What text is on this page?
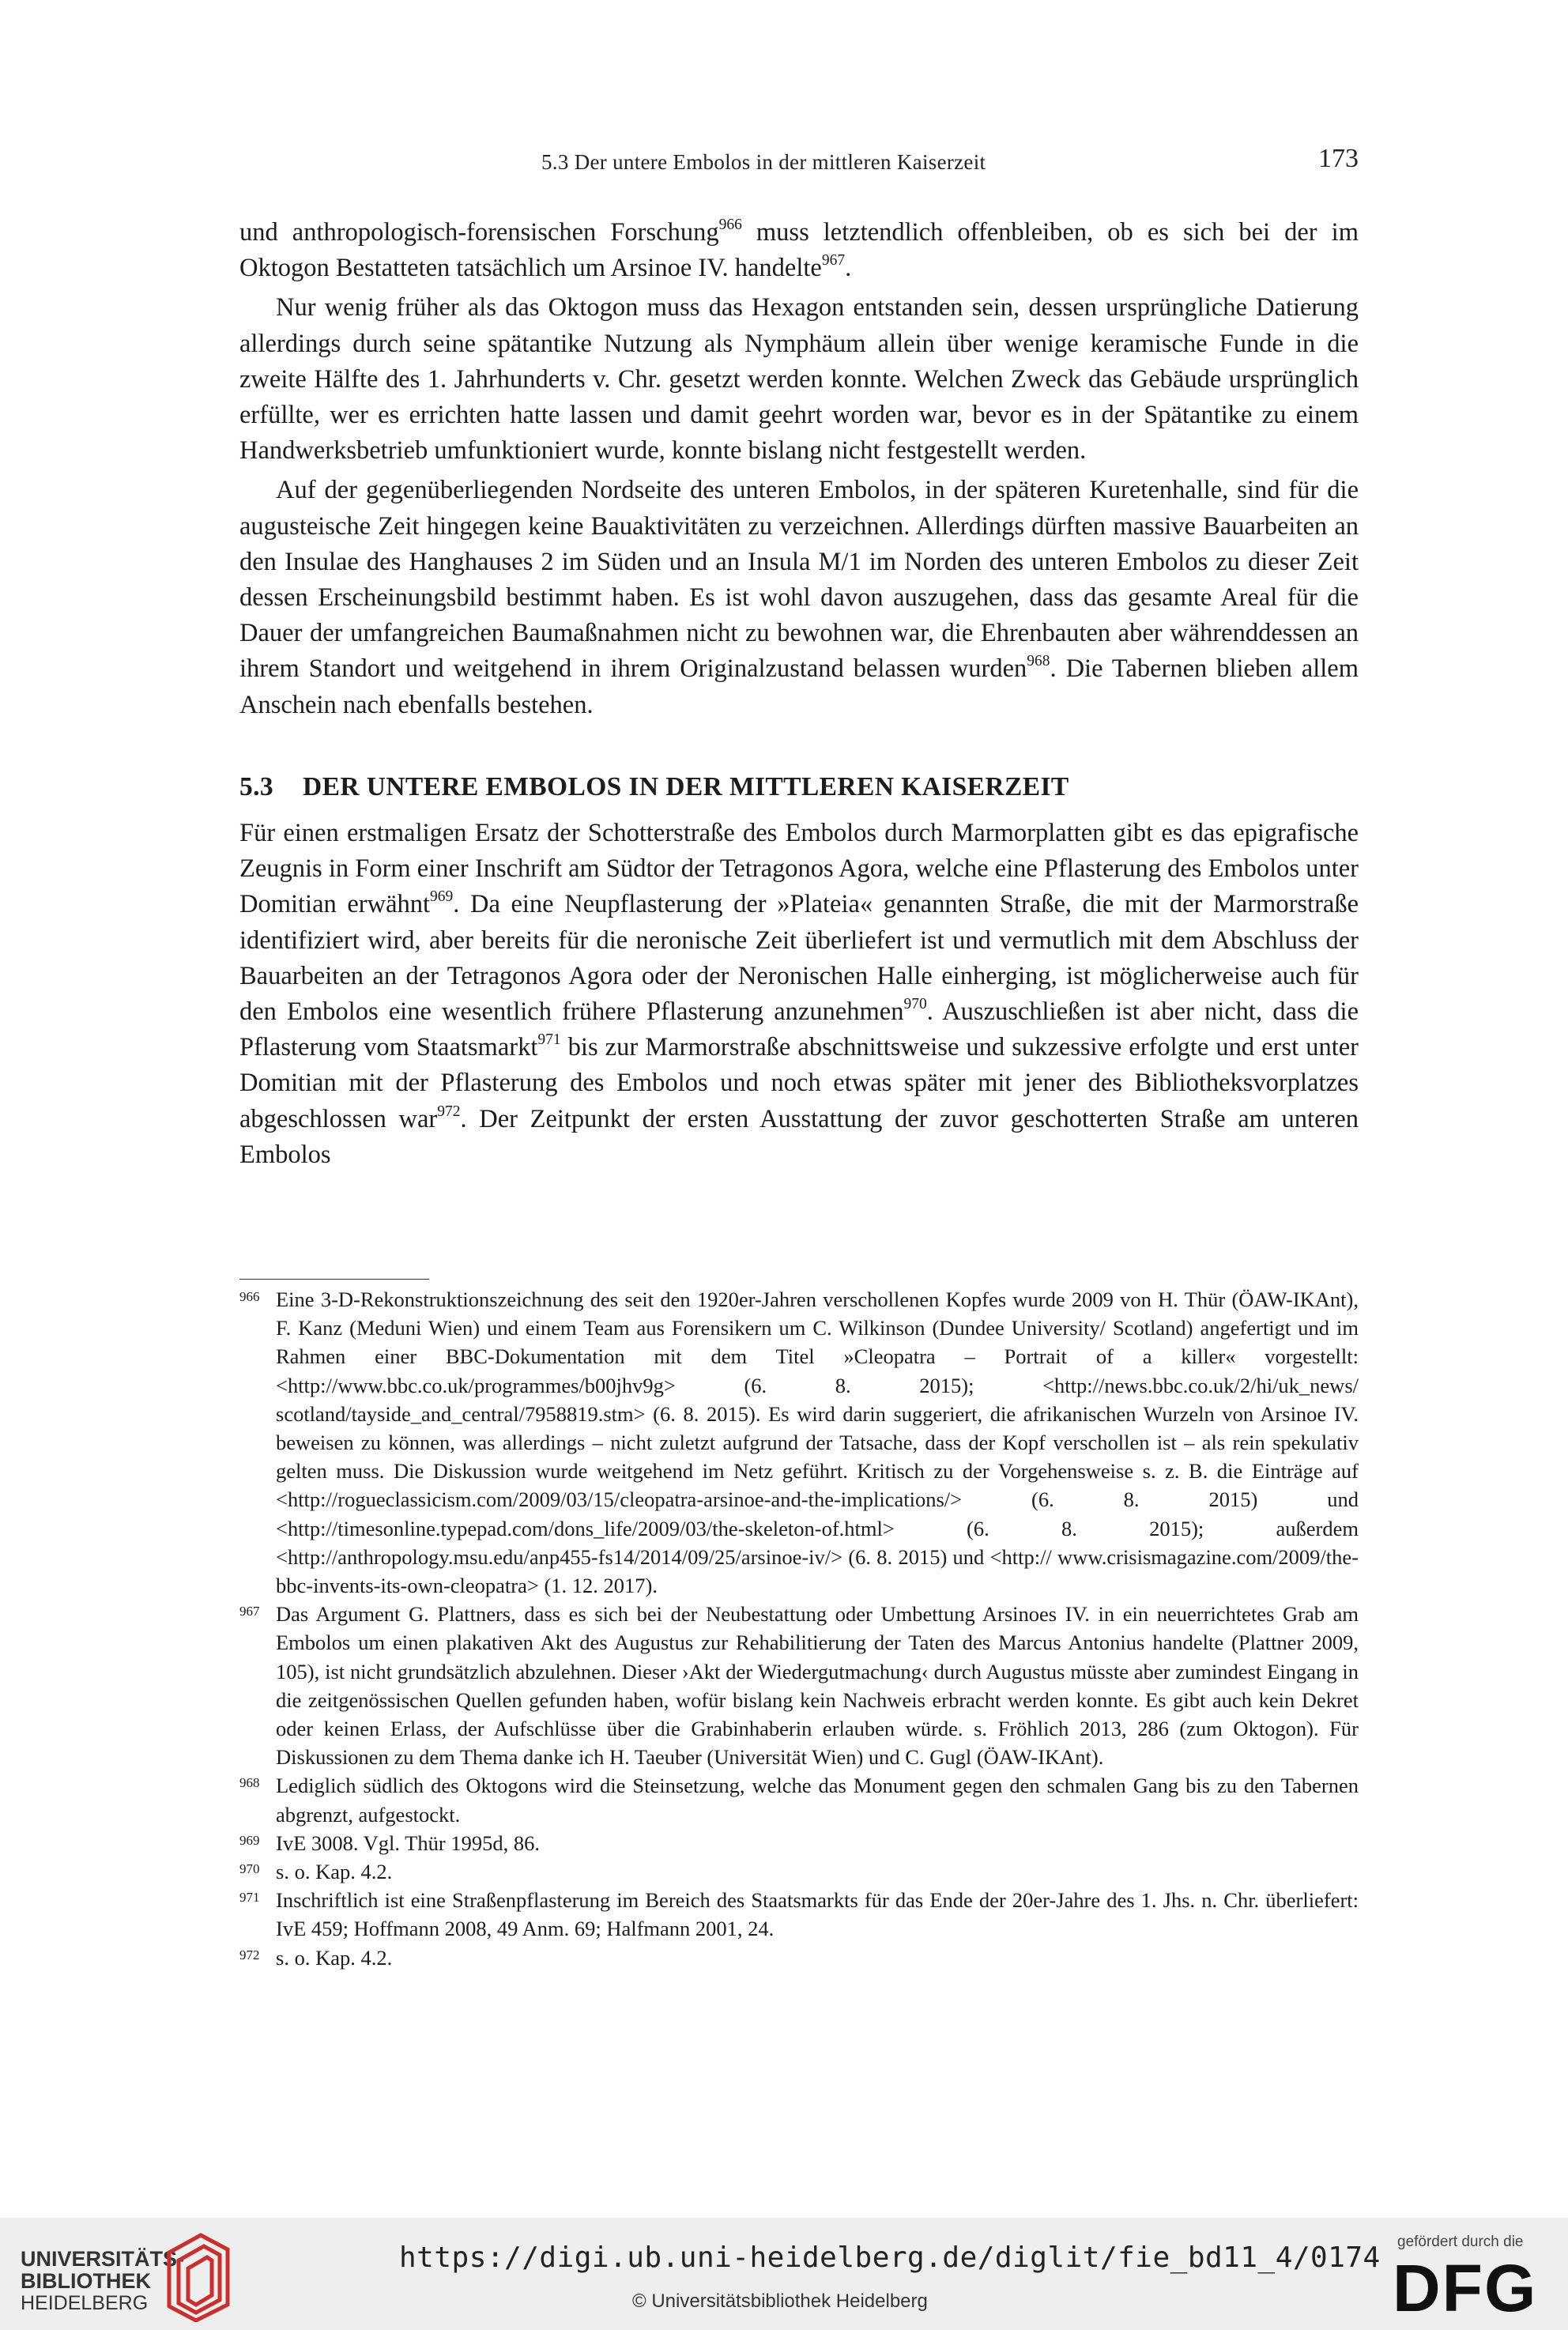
5.3 Der untere Embolos in der mittleren Kaiserzeit	173

und anthropologisch-forensischen Forschung$^{966}$ muss letztendlich offenbleiben, ob es sich bei der im Oktogon Bestatteten tatsächlich um Arsinoe IV. handelte$^{967}$.

Nur wenig früher als das Oktogon muss das Hexagon entstanden sein, dessen ursprüngliche Datierung allerdings durch seine spätantike Nutzung als Nymphäum allein über wenige keramische Funde in die zweite Hälfte des 1. Jahrhunderts v. Chr. gesetzt werden konnte. Welchen Zweck das Gebäude ursprünglich erfüllte, wer es errichten hatte lassen und damit geehrt worden war, bevor es in der Spätantike zu einem Handwerksbetrieb umfunktioniert wurde, konnte bislang nicht festgestellt werden.

Auf der gegenüberliegenden Nordseite des unteren Embolos, in der späteren Kuretenhalle, sind für die augusteische Zeit hingegen keine Bauaktivitäten zu verzeichnen. Allerdings dürften massive Bauarbeiten an den Insulae des Hanghauses 2 im Süden und an Insula M/1 im Norden des unteren Embolos zu dieser Zeit dessen Erscheinungsbild bestimmt haben. Es ist wohl davon auszugehen, dass das gesamte Areal für die Dauer der umfangreichen Baumaßnahmen nicht zu bewohnen war, die Ehrenbauten aber währenddessen an ihrem Standort und weitgehend in ihrem Originalzustand belassen wurden$^{968}$. Die Tabernen blieben allem Anschein nach ebenfalls bestehen.

5.3 DER UNTERE EMBOLOS IN DER MITTLEREN KAISERZEIT

Für einen erstmaligen Ersatz der Schotterstraße des Embolos durch Marmorplatten gibt es das epigrafische Zeugnis in Form einer Inschrift am Südtor der Tetragonos Agora, welche eine Pflasterung des Embolos unter Domitian erwähnt$^{969}$. Da eine Neupflasterung der »Plateia« genannten Straße, die mit der Marmorstraße identifiziert wird, aber bereits für die neronische Zeit überliefert ist und vermutlich mit dem Abschluss der Bauarbeiten an der Tetragonos Agora oder der Neronischen Halle einherging, ist möglicherweise auch für den Embolos eine wesentlich frühere Pflasterung anzunehmen$^{970}$. Auszuschließen ist aber nicht, dass die Pflasterung vom Staatsmarkt$^{971}$ bis zur Marmorstraße abschnittsweise und sukzessive erfolgte und erst unter Domitian mit der Pflasterung des Embolos und noch etwas später mit jener des Bibliotheksvorplatzes abgeschlossen war$^{972}$. Der Zeitpunkt der ersten Ausstattung der zuvor geschotterten Straße am unteren Embolos

966 Eine 3-D-Rekonstruktionszeichnung des seit den 1920er-Jahren verschollenen Kopfes wurde 2009 von H. Thür (ÖAW-IKAnt), F. Kanz (Meduni Wien) und einem Team aus Forensikern um C. Wilkinson (Dundee University/ Scotland) angefertigt und im Rahmen einer BBC-Dokumentation mit dem Titel »Cleopatra – Portrait of a killer« vorgestellt: <http://www.bbc.co.uk/programmes/b00jhv9g> (6. 8. 2015); <http://news.bbc.co.uk/2/hi/uk_news/ scotland/tayside_and_central/7958819.stm> (6. 8. 2015). Es wird darin suggeriert, die afrikanischen Wurzeln von Arsinoe IV. beweisen zu können, was allerdings – nicht zuletzt aufgrund der Tatsache, dass der Kopf verschollen ist – als rein spekulativ gelten muss. Die Diskussion wurde weitgehend im Netz geführt. Kritisch zu der Vorgehensweise s. z. B. die Einträge auf <http://rogueclassicism.com/2009/03/15/cleopatra-arsinoe-and-the-implications/> (6. 8. 2015) und <http://timesonline.typepad.com/dons_life/2009/03/the-skeleton-of.html> (6. 8. 2015); außerdem <http://anthropology.msu.edu/anp455-fs14/2014/09/25/arsinoe-iv/> (6. 8. 2015) und <http:// www.crisismagazine.com/2009/the-bbc-invents-its-own-cleopatra> (1. 12. 2017).

967 Das Argument G. Plattners, dass es sich bei der Neubestattung oder Umbettung Arsinoes IV. in ein neuerrichtetes Grab am Embolos um einen plakativen Akt des Augustus zur Rehabilitierung der Taten des Marcus Antonius handelte (Plattner 2009, 105), ist nicht grundsätzlich abzulehnen. Dieser ›Akt der Wiedergutmachung‹ durch Augustus müsste aber zumindest Eingang in die zeitgenössischen Quellen gefunden haben, wofür bislang kein Nachweis erbracht werden konnte. Es gibt auch kein Dekret oder keinen Erlass, der Aufschlüsse über die Grabinhaberin erlauben würde. s. Fröhlich 2013, 286 (zum Oktogon). Für Diskussionen zu dem Thema danke ich H. Taeuber (Universität Wien) und C. Gugl (ÖAW-IKAnt).

968 Lediglich südlich des Oktogons wird die Steinsetzung, welche das Monument gegen den schmalen Gang bis zu den Tabernen abgrenzt, aufgestockt.

969 IvE 3008. Vgl. Thür 1995d, 86.

970 s. o. Kap. 4.2.

971 Inschriftlich ist eine Straßenpflasterung im Bereich des Staatsmarkts für das Ende der 20er-Jahre des 1. Jhs. n. Chr. überliefert: IvE 459; Hoffmann 2008, 49 Anm. 69; Halfmann 2001, 24.

972 s. o. Kap. 4.2.

UNIVERSITÄTS-
BIBLIOTHEK
HEIDELBERG
https://digi.ub.uni-heidelberg.de/diglit/fie_bd11_4/0174
© Universitätsbibliothek Heidelberg
gefördert durch die
DFG
